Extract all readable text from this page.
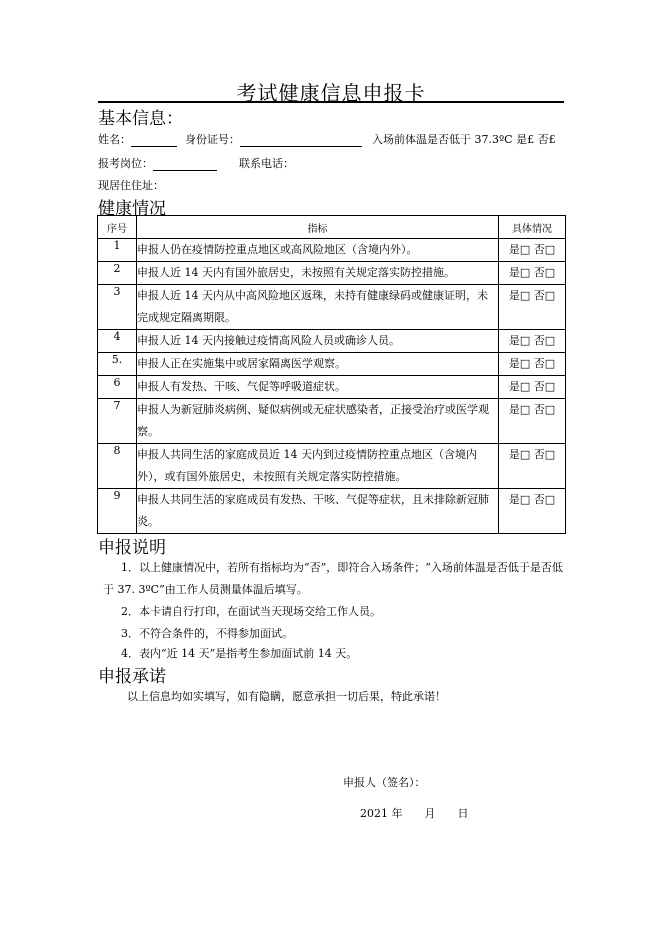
考试健康信息申报卡
基本信息：
姓名：	身份证号：	入场前体温是否低于 37.3ºC 是£ 否£
报考岗位：	联系电话：
现居住住址：
健康情况
序号	指标	具体情况
1	申报人仍在疫情防控重点地区或高风险地区（含境内外）。	是□ 否□
2	申报人近 14 天内有国外旅居史，未按照有关规定落实防控措施。	是□ 否□
3	申报人近 14 天内从中高风险地区返珠，未持有健康绿码或健康证明，未完成规定隔离期限。	是□ 否□
4	申报人近 14 天内接触过疫情高风险人员或确诊人员。	是□ 否□
5.	申报人正在实施集中或居家隔离医学观察。	是□ 否□
6	申报人有发热、干咳、气促等呼吸道症状。	是□ 否□
7	申报人为新冠肺炎病例、疑似病例或无症状感染者，正接受治疗或医学观察。	是□ 否□
8	申报人共同生活的家庭成员近 14 天内到过疫情防控重点地区（含境内外），或有国外旅居史，未按照有关规定落实防控措施。	是□ 否□
9	申报人共同生活的家庭成员有发热、干咳、气促等症状，且未排除新冠肺炎。	是□ 否□
申报说明
1．以上健康情况中，若所有指标均为“否”，即符合入场条件；“入场前体温是否低于是否低于 37. 3ºC”由工作人员测量体温后填写。
2．本卡请自行打印，在面试当天现场交给工作人员。
3．不符合条件的，不得参加面试。
4．表内“近 14 天”是指考生参加面试前 14 天。
申报承诺
以上信息均如实填写，如有隐瞒，愿意承担一切后果，特此承诺！
申报人（签名）：
2021 年　　月　　日
